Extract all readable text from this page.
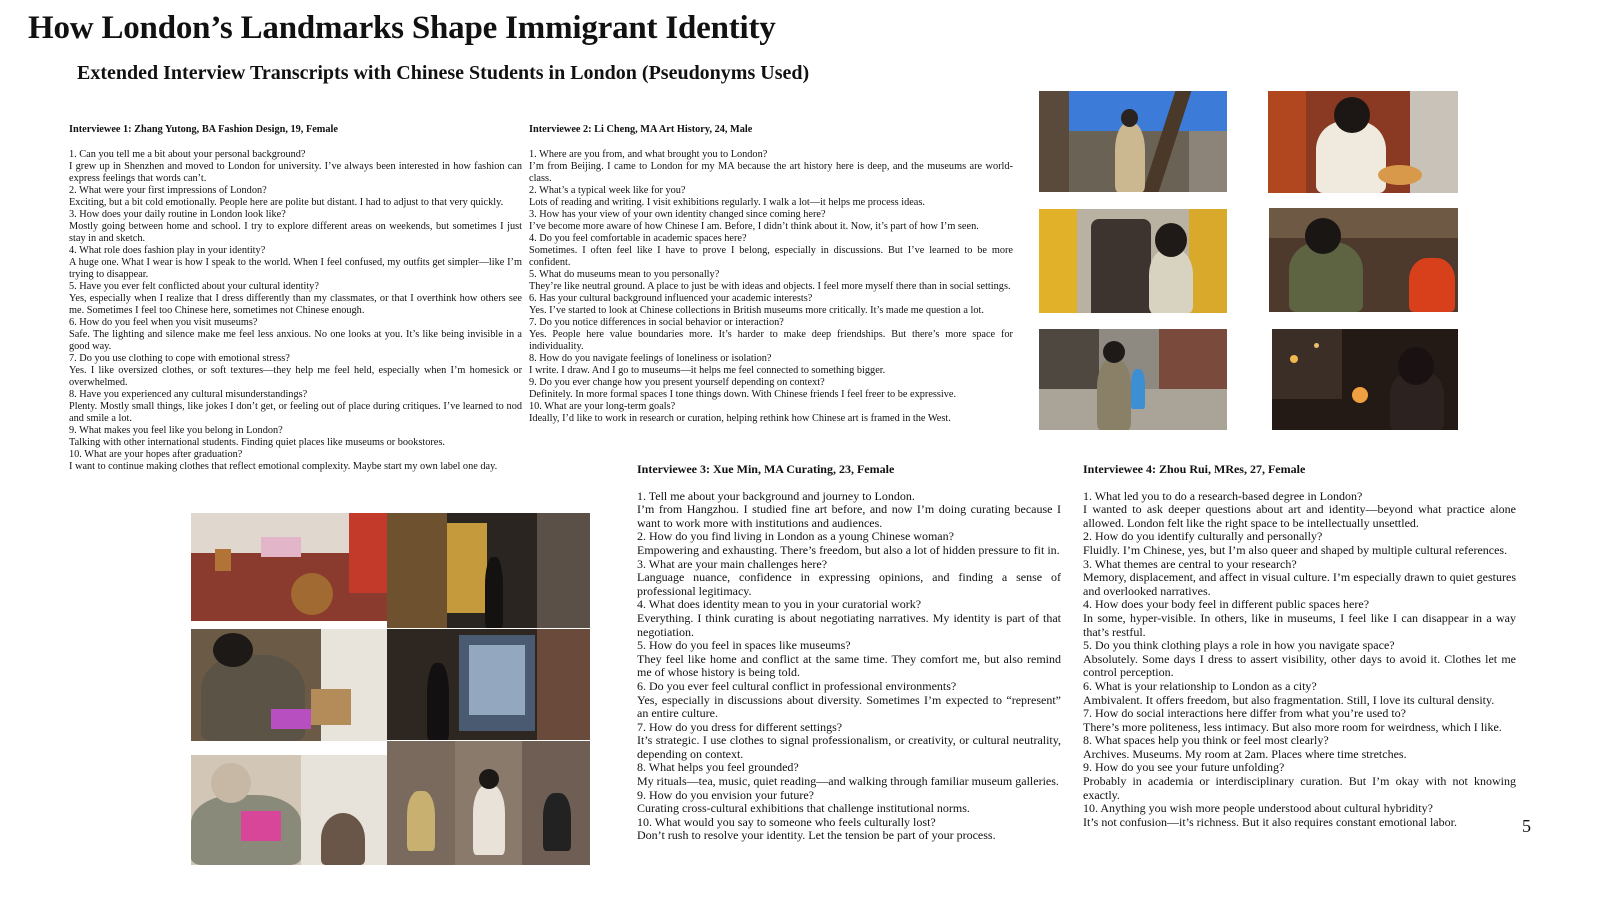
How London’s Landmarks Shape Immigrant Identity
Extended Interview Transcripts with Chinese Students in London (Pseudonyms Used)

Interviewee 1: Zhang Yutong, BA Fashion Design, 19, Female

1. Can you tell me a bit about your personal background?

I grew up in Shenzhen and moved to London for university. I’ve always been interested in how fashion can express feelings that words can’t.

2. What were your first impressions of London?

Exciting, but a bit cold emotionally. People here are polite but distant. I had to adjust to that very quickly.

3. How does your daily routine in London look like?

Mostly going between home and school. I try to explore different areas on weekends, but sometimes I just stay in and sketch.

4. What role does fashion play in your identity?

A huge one. What I wear is how I speak to the world. When I feel confused, my outfits get simpler—like I’m trying to disappear.

5. Have you ever felt conflicted about your cultural identity?

Yes, especially when I realize that I dress differently than my classmates, or that I overthink how others see me. Sometimes I feel too Chinese here, sometimes not Chinese enough.

6. How do you feel when you visit museums?

Safe. The lighting and silence make me feel less anxious. No one looks at you. It’s like being invisible in a good way.

7. Do you use clothing to cope with emotional stress?

Yes. I like oversized clothes, or soft textures—they help me feel held, especially when I’m homesick or overwhelmed.

8. Have you experienced any cultural misunderstandings?

Plenty. Mostly small things, like jokes I don’t get, or feeling out of place during critiques. I’ve learned to nod and smile a lot.

9. What makes you feel like you belong in London?

Talking with other international students. Finding quiet places like museums or bookstores.

10. What are your hopes after graduation?

I want to continue making clothes that reflect emotional complexity. Maybe start my own label one day.

Interviewee 2: Li Cheng, MA Art History, 24, Male

1. Where are you from, and what brought you to London?

I’m from Beijing. I came to London for my MA because the art history here is deep, and the museums are world-class.

2. What’s a typical week like for you?

Lots of reading and writing. I visit exhibitions regularly. I walk a lot—it helps me process ideas.

3. How has your view of your own identity changed since coming here?

I’ve become more aware of how Chinese I am. Before, I didn’t think about it. Now, it’s part of how I’m seen.

4. Do you feel comfortable in academic spaces here?

Sometimes. I often feel like I have to prove I belong, especially in discussions. But I’ve learned to be more confident.

5. What do museums mean to you personally?

They’re like neutral ground. A place to just be with ideas and objects. I feel more myself there than in social settings.

6. Has your cultural background influenced your academic interests?

Yes. I’ve started to look at Chinese collections in British museums more critically. It’s made me question a lot.

7. Do you notice differences in social behavior or interaction?

Yes. People here value boundaries more. It’s harder to make deep friendships. But there’s more space for individuality.

8. How do you navigate feelings of loneliness or isolation?

I write. I draw. And I go to museums—it helps me feel connected to something bigger.

9. Do you ever change how you present yourself depending on context?

Definitely. In more formal spaces I tone things down. With Chinese friends I feel freer to be expressive.

10. What are your long-term goals?

Ideally, I’d like to work in research or curation, helping rethink how Chinese art is framed in the West.

Interviewee 3: Xue Min, MA Curating, 23, Female

1. Tell me about your background and journey to London.

I’m from Hangzhou. I studied fine art before, and now I’m doing curating because I want to work more with institutions and audiences.

2. How do you find living in London as a young Chinese woman?

Empowering and exhausting. There’s freedom, but also a lot of hidden pressure to fit in.

3. What are your main challenges here?

Language nuance, confidence in expressing opinions, and finding a sense of professional legitimacy.

4. What does identity mean to you in your curatorial work?

Everything. I think curating is about negotiating narratives. My identity is part of that negotiation.

5. How do you feel in spaces like museums?

They feel like home and conflict at the same time. They comfort me, but also remind me of whose history is being told.

6. Do you ever feel cultural conflict in professional environments?

Yes, especially in discussions about diversity. Sometimes I’m expected to “represent” an entire culture.

7. How do you dress for different settings?

It’s strategic. I use clothes to signal professionalism, or creativity, or cultural neutrality, depending on context.

8. What helps you feel grounded?

My rituals—tea, music, quiet reading—and walking through familiar museum galleries.

9. How do you envision your future?

Curating cross-cultural exhibitions that challenge institutional norms.

10. What would you say to someone who feels culturally lost?

Don’t rush to resolve your identity. Let the tension be part of your process.

Interviewee 4: Zhou Rui, MRes, 27, Female

1. What led you to do a research-based degree in London?

I wanted to ask deeper questions about art and identity—beyond what practice alone allowed. London felt like the right space to be intellectually unsettled.

2. How do you identify culturally and personally?

Fluidly. I’m Chinese, yes, but I’m also queer and shaped by multiple cultural references.

3. What themes are central to your research?

Memory, displacement, and affect in visual culture. I’m especially drawn to quiet gestures and overlooked narratives.

4. How does your body feel in different public spaces here?

In some, hyper-visible. In others, like in museums, I feel like I can disappear in a way that’s restful.

5. Do you think clothing plays a role in how you navigate space?

Absolutely. Some days I dress to assert visibility, other days to avoid it. Clothes let me control perception.

6. What is your relationship to London as a city?

Ambivalent. It offers freedom, but also fragmentation. Still, I love its cultural density.

7. How do social interactions here differ from what you’re used to?

There’s more politeness, less intimacy. But also more room for weirdness, which I like.

8. What spaces help you think or feel most clearly?

Archives. Museums. My room at 2am. Places where time stretches.

9. How do you see your future unfolding?

Probably in academia or interdisciplinary curation. But I’m okay with not knowing exactly.

10. Anything you wish more people understood about cultural hybridity?

It’s not confusion—it’s richness. But it also requires constant emotional labor.	5
